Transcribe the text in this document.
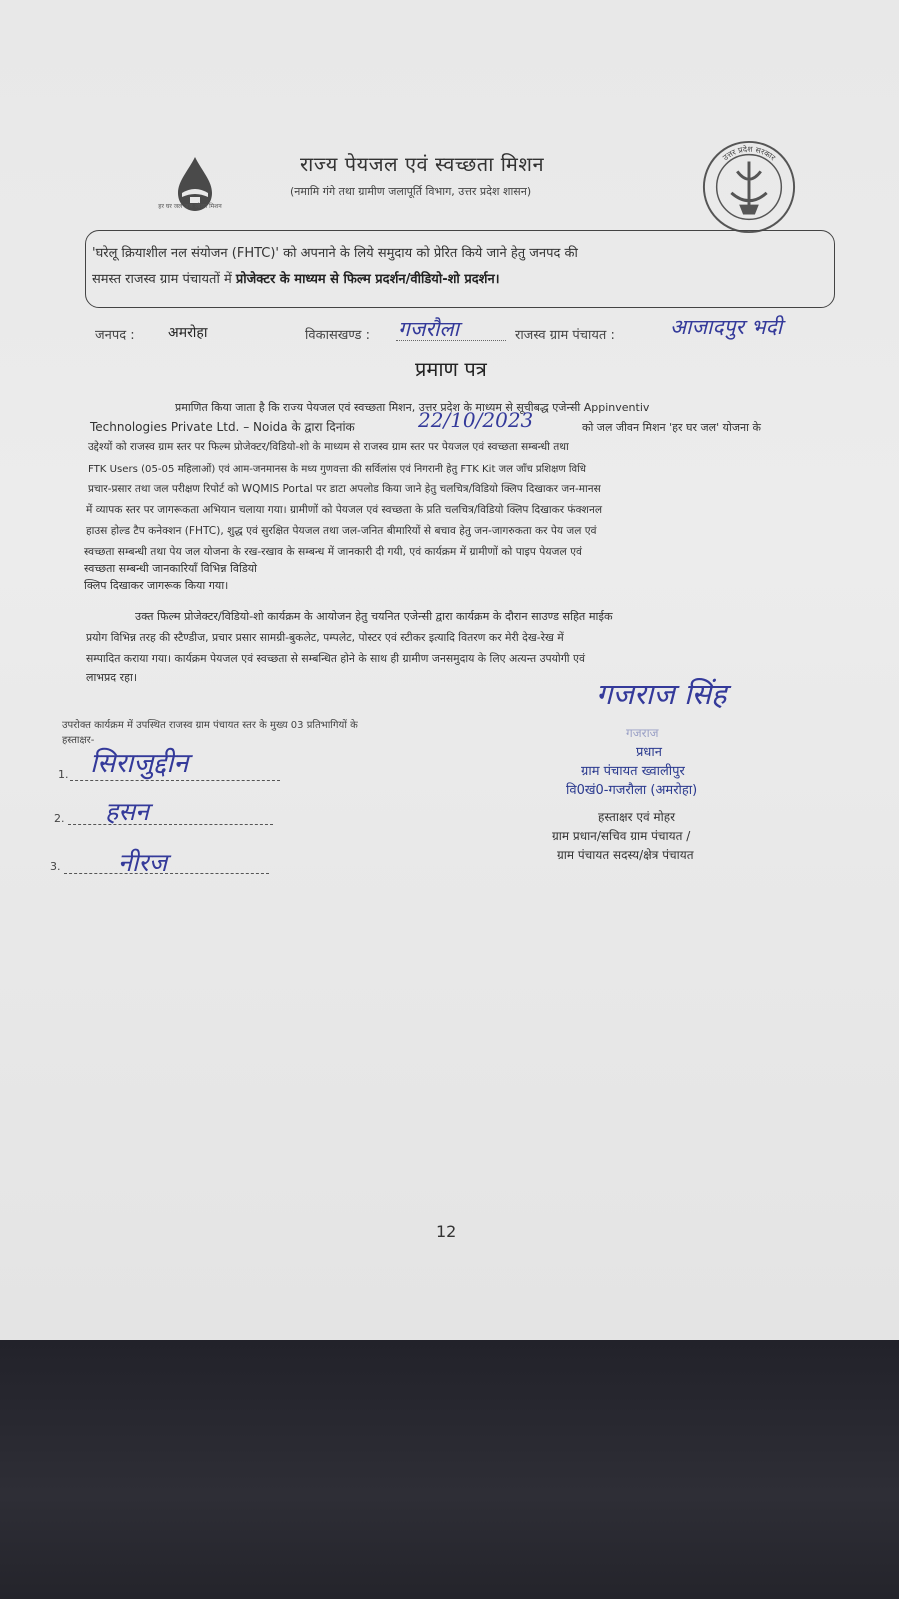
हर घर जल जल जीवन मिशन
राज्य पेयजल एवं स्वच्छता मिशन
(नमामि गंगे तथा ग्रामीण जलापूर्ति विभाग, उत्तर प्रदेश शासन)
उत्तर प्रदेश सरकार
'घरेलू क्रियाशील नल संयोजन (FHTC)' को अपनाने के लिये समुदाय को प्रेरित किये जाने हेतु जनपद की
समस्त राजस्व ग्राम पंचायतों में प्रोजेक्टर के माध्यम से फिल्म प्रदर्शन/वीडियो-शो प्रदर्शन।
जनपद : अमरोहा	विकासखण्ड : गजरौला	राजस्व ग्राम पंचायत :	आजादपुर भदी
प्रमाण पत्र
प्रमाणित किया जाता है कि राज्य पेयजल एवं स्वच्छता मिशन, उत्तर प्रदेश के माध्यम से सूचीबद्ध एजेन्सी Appinventiv
Technologies Private Ltd. – Noida के द्वारा दिनांक	22/10/2023	को जल जीवन मिशन 'हर घर जल' योजना के
उद्देश्यों को राजस्व ग्राम स्तर पर फिल्म प्रोजेक्टर/विडियो-शो के माध्यम से राजस्व ग्राम स्तर पर पेयजल एवं स्वच्छता सम्बन्धी तथा
FTK Users (05-05 महिलाओं) एवं आम-जनमानस के मध्य गुणवत्ता की सर्विलांस एवं निगरानी हेतु FTK Kit जल जाँच प्रशिक्षण विधि
प्रचार-प्रसार तथा जल परीक्षण रिपोर्ट को WQMIS Portal पर डाटा अपलोड किया जाने हेतु चलचित्र/विडियो क्लिप दिखाकर जन-मानस
में व्यापक स्तर पर जागरूकता अभियान चलाया गया। ग्रामीणों को पेयजल एवं स्वच्छता के प्रति चलचित्र/विडियो क्लिप दिखाकर फंक्शनल
हाउस होल्ड टैप कनेक्शन (FHTC), शुद्ध एवं सुरक्षित पेयजल तथा जल-जनित बीमारियों से बचाव हेतु जन-जागरुकता कर पेय जल एवं
स्वच्छता सम्बन्धी तथा पेय जल योजना के रख-रखाव के सम्बन्ध में जानकारी दी गयी, एवं कार्यक्रम में ग्रामीणों को पाइप पेयजल एवं
स्वच्छता सम्बन्धी जानकारियाँ विभिन्न विडियो
क्लिप दिखाकर जागरूक किया गया।
उक्त फिल्म प्रोजेक्टर/विडियो-शो कार्यक्रम के आयोजन हेतु चयनित एजेन्सी द्वारा कार्यक्रम के दौरान साउण्ड सहित माईक
प्रयोग विभिन्न तरह की स्टैण्डीज, प्रचार प्रसार सामग्री-बुकलेट, पम्पलेट, पोस्टर एवं स्टीकर इत्यादि वितरण कर मेरी देख-रेख में
सम्पादित कराया गया। कार्यक्रम पेयजल एवं स्वच्छता से सम्बन्धित होने के साथ ही ग्रामीण जनसमुदाय के लिए अत्यन्त उपयोगी एवं
लाभप्रद रहा।
उपरोक्त कार्यक्रम में उपस्थित राजस्व ग्राम पंचायत स्तर के मुख्य 03 प्रतिभागियों के
हस्ताक्षर-
1. सिराजुद्दीन
2. हसन
3. नीरज
गजराज सिंह
गजराज
प्रधान
ग्राम पंचायत ख्वालीपुर
वि0खं0-गजरौला (अमरोहा)
हस्ताक्षर एवं मोहर
ग्राम प्रधान/सचिव ग्राम पंचायत /
ग्राम पंचायत सदस्य/क्षेत्र पंचायत
12
